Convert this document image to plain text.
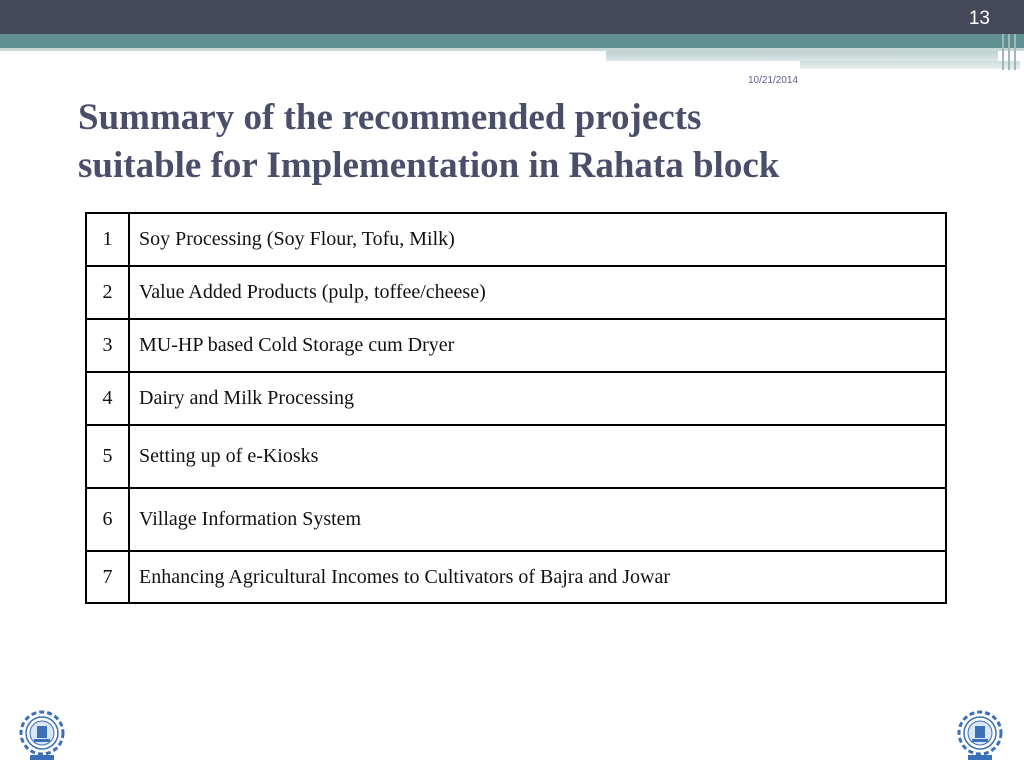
13
10/21/2014
Summary of the recommended projects
suitable for Implementation in Rahata block
1	Soy Processing (Soy Flour, Tofu, Milk)
2	Value Added Products (pulp, toffee/cheese)
3	MU-HP based Cold Storage cum Dryer
4	Dairy and Milk Processing
5	Setting up of e-Kiosks
6	Village Information System
7	Enhancing Agricultural Incomes to Cultivators of Bajra and Jowar
